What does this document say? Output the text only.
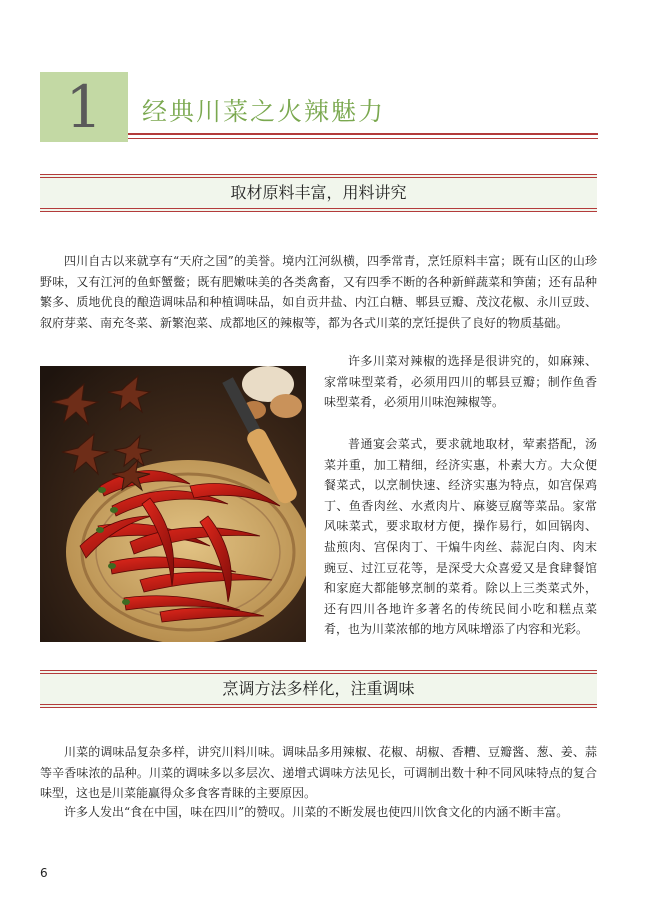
1	经典川菜之火辣魅力
取材原料丰富，用料讲究

四川自古以来就享有“天府之国”的美誉。境内江河纵横，四季常青，烹饪原料丰富；既有山区的山珍野味，又有江河的鱼虾蟹鳖；既有肥嫩味美的各类禽畜，又有四季不断的各种新鲜蔬菜和笋菌；还有品种繁多、质地优良的酿造调味品和种植调味品，如自贡井盐、内江白糖、郫县豆瓣、茂汶花椒、永川豆豉、叙府芽菜、南充冬菜、新繁泡菜、成都地区的辣椒等，都为各式川菜的烹饪提供了良好的物质基础。

许多川菜对辣椒的选择是很讲究的，如麻辣、家常味型菜肴，必须用四川的郫县豆瓣；制作鱼香味型菜肴，必须用川味泡辣椒等。

普通宴会菜式，要求就地取材，荤素搭配，汤菜并重，加工精细，经济实惠，朴素大方。大众便餐菜式，以烹制快速、经济实惠为特点，如宫保鸡丁、鱼香肉丝、水煮肉片、麻婆豆腐等菜品。家常风味菜式，要求取材方便，操作易行，如回锅肉、盐煎肉、宫保肉丁、干煸牛肉丝、蒜泥白肉、肉末豌豆、过江豆花等，是深受大众喜爱又是食肆餐馆和家庭大都能够烹制的菜肴。除以上三类菜式外，还有四川各地许多著名的传统民间小吃和糕点菜肴，也为川菜浓郁的地方风味增添了内容和光彩。

烹调方法多样化，注重调味

川菜的调味品复杂多样，讲究川料川味。调味品多用辣椒、花椒、胡椒、香糟、豆瓣酱、葱、姜、蒜等辛香味浓的品种。川菜的调味多以多层次、递增式调味方法见长，可调制出数十种不同风味特点的复合味型，这也是川菜能赢得众多食客青睐的主要原因。

许多人发出“食在中国，味在四川”的赞叹。川菜的不断发展也使四川饮食文化的内涵不断丰富。

6
